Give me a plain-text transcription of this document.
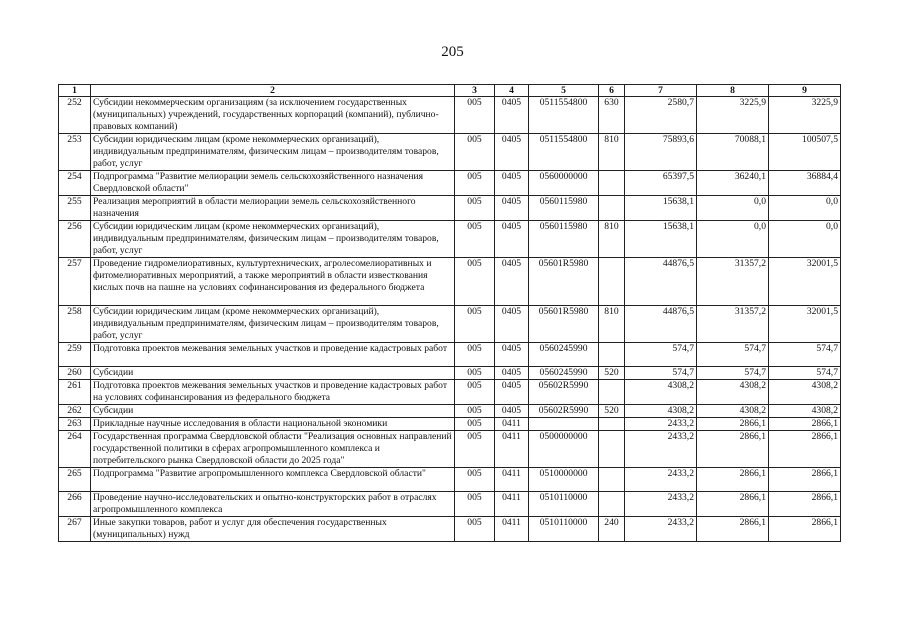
205
1	2	3	4	5	6	7	8	9
252	Субсидии некоммерческим организациям (за исключением государственных (муниципальных) учреждений, государственных корпораций (компаний), публично-правовых компаний)	005	0405	0511554800	630	2580,7	3225,9	3225,9
253	Субсидии юридическим лицам (кроме некоммерческих организаций), индивидуальным предпринимателям, физическим лицам – производителям товаров, работ, услуг	005	0405	0511554800	810	75893,6	70088,1	100507,5
254	Подпрограмма "Развитие мелиорации земель сельскохозяйственного назначения Свердловской области"	005	0405	0560000000		65397,5	36240,1	36884,4
255	Реализация мероприятий в области мелиорации земель сельскохозяйственного назначения	005	0405	0560115980		15638,1	0,0	0,0
256	Субсидии юридическим лицам (кроме некоммерческих организаций), индивидуальным предпринимателям, физическим лицам – производителям товаров, работ, услуг	005	0405	0560115980	810	15638,1	0,0	0,0
257	Проведение гидромелиоративных, культуртехнических, агролесомелиоративных и фитомелиоративных мероприятий, а также мероприятий в области известкования кислых почв на пашне на условиях софинансирования из федерального бюджета	005	0405	05601R5980		44876,5	31357,2	32001,5
258	Субсидии юридическим лицам (кроме некоммерческих организаций), индивидуальным предпринимателям, физическим лицам – производителям товаров, работ, услуг	005	0405	05601R5980	810	44876,5	31357,2	32001,5
259	Подготовка проектов межевания земельных участков и проведение кадастровых работ	005	0405	0560245990		574,7	574,7	574,7
260	Субсидии	005	0405	0560245990	520	574,7	574,7	574,7
261	Подготовка проектов межевания земельных участков и проведение кадастровых работ на условиях софинансирования из федерального бюджета	005	0405	05602R5990		4308,2	4308,2	4308,2
262	Субсидии	005	0405	05602R5990	520	4308,2	4308,2	4308,2
263	Прикладные научные исследования в области национальной экономики	005	0411			2433,2	2866,1	2866,1
264	Государственная программа Свердловской области "Реализация основных направлений государственной политики в сферах агропромышленного комплекса и потребительского рынка Свердловской области до 2025 года"	005	0411	0500000000		2433,2	2866,1	2866,1
265	Подпрограмма "Развитие агропромышленного комплекса Свердловской области"	005	0411	0510000000		2433,2	2866,1	2866,1
266	Проведение научно-исследовательских и опытно-конструкторских работ в отраслях агропромышленного комплекса	005	0411	0510110000		2433,2	2866,1	2866,1
267	Иные закупки товаров, работ и услуг для обеспечения государственных (муниципальных) нужд	005	0411	0510110000	240	2433,2	2866,1	2866,1
